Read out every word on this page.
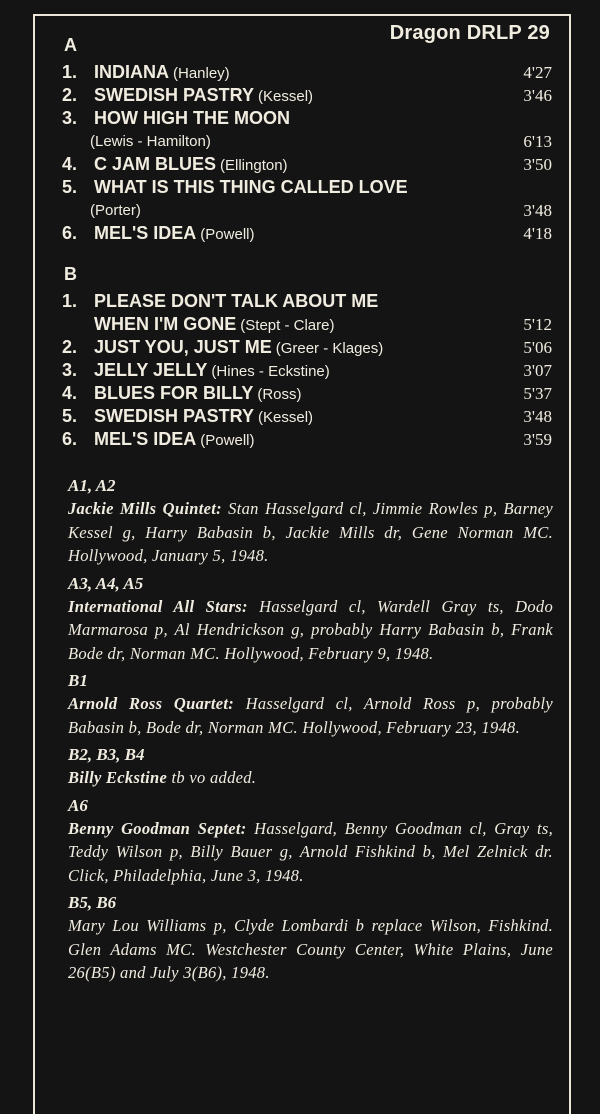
Dragon DRLP 29
A
1. INDIANA (Hanley)	4'27
2. SWEDISH PASTRY (Kessel)	3'46
3. HOW HIGH THE MOON
(Lewis - Hamilton)	6'13
4. C JAM BLUES (Ellington)	3'50
5. WHAT IS THIS THING CALLED LOVE
(Porter)	3'48
6. MEL'S IDEA (Powell)	4'18
B
1. PLEASE DON'T TALK ABOUT ME
WHEN I'M GONE (Stept - Clare)	5'12
2. JUST YOU, JUST ME (Greer - Klages)	5'06
3. JELLY JELLY (Hines - Eckstine)	3'07
4. BLUES FOR BILLY (Ross)	5'37
5. SWEDISH PASTRY (Kessel)	3'48
6. MEL'S IDEA (Powell)	3'59
A1, A2
Jackie Mills Quintet: Stan Hasselgard cl, Jimmie Rowles p, Barney Kessel g, Harry Babasin b, Jackie Mills dr, Gene Norman MC. Hollywood, January 5, 1948.
A3, A4, A5
International All Stars: Hasselgard cl, Wardell Gray ts, Dodo Marmarosa p, Al Hendrickson g, probably Harry Babasin b, Frank Bode dr, Norman MC. Hollywood, February 9, 1948.
B1
Arnold Ross Quartet: Hasselgard cl, Arnold Ross p, probably Babasin b, Bode dr, Norman MC. Hollywood, February 23, 1948.
B2, B3, B4
Billy Eckstine tb vo added.
A6
Benny Goodman Septet: Hasselgard, Benny Goodman cl, Gray ts, Teddy Wilson p, Billy Bauer g, Arnold Fishkind b, Mel Zelnick dr. Click, Philadelphia, June 3, 1948.
B5, B6
Mary Lou Williams p, Clyde Lombardi b replace Wilson, Fishkind. Glen Adams MC. Westchester County Center, White Plains, June 26(B5) and July 3(B6), 1948.
